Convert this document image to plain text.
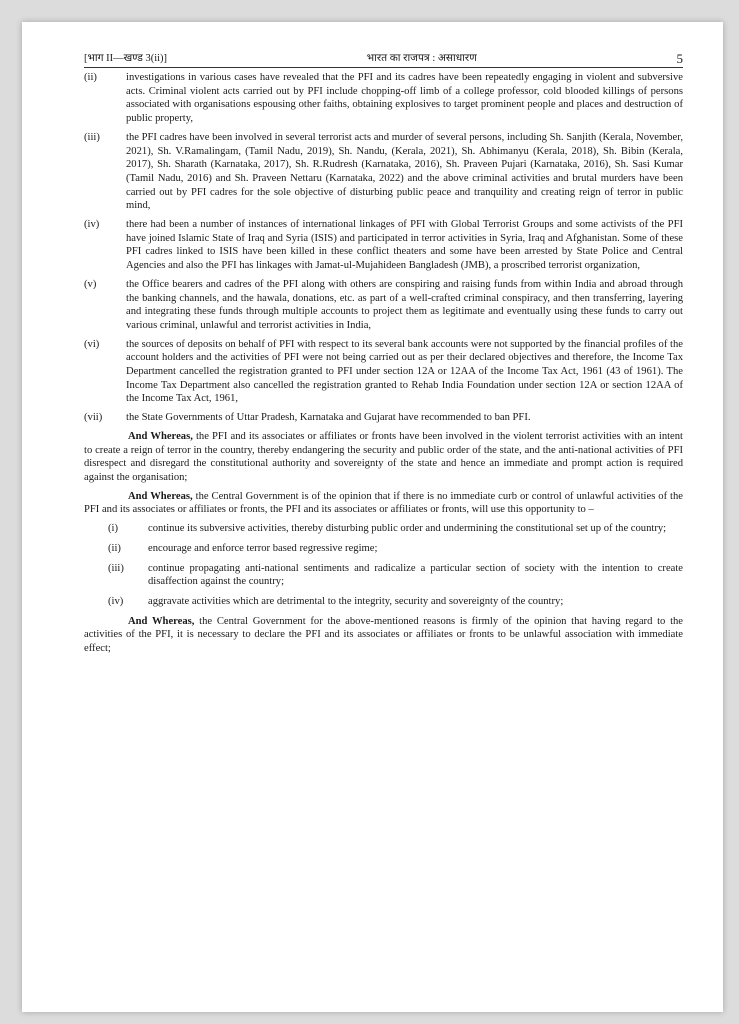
[भाग II—खण्ड 3(ii)]	भारत का राजपत्र : असाधारण	5
(ii)	investigations in various cases have revealed that the PFI and its cadres have been repeatedly engaging in violent and subversive acts. Criminal violent acts carried out by PFI include chopping-off limb of a college professor, cold blooded killings of persons associated with organisations espousing other faiths, obtaining explosives to target prominent people and places and destruction of public property,
(iii)	the PFI cadres have been involved in several terrorist acts and murder of several persons, including Sh. Sanjith (Kerala, November, 2021), Sh. V.Ramalingam, (Tamil Nadu, 2019), Sh. Nandu, (Kerala, 2021), Sh. Abhimanyu (Kerala, 2018), Sh. Bibin (Kerala, 2017), Sh. Sharath (Karnataka, 2017), Sh. R.Rudresh (Karnataka, 2016), Sh. Praveen Pujari (Karnataka, 2016), Sh. Sasi Kumar (Tamil Nadu, 2016) and Sh. Praveen Nettaru (Karnataka, 2022) and the above criminal activities and brutal murders have been carried out by PFI cadres for the sole objective of disturbing public peace and tranquility and creating reign of terror in public mind,
(iv)	there had been a number of instances of international linkages of PFI with Global Terrorist Groups and some activists of the PFI have joined Islamic State of Iraq and Syria (ISIS) and participated in terror activities in Syria, Iraq and Afghanistan. Some of these PFI cadres linked to ISIS have been killed in these conflict theaters and some have been arrested by State Police and Central Agencies and also the PFI has linkages with Jamat-ul-Mujahideen Bangladesh (JMB), a proscribed terrorist organization,
(v)	the Office bearers and cadres of the PFI along with others are conspiring and raising funds from within India and abroad through the banking channels, and the hawala, donations, etc. as part of a well-crafted criminal conspiracy, and then transferring, layering and integrating these funds through multiple accounts to project them as legitimate and eventually using these funds to carry out various criminal, unlawful and terrorist activities in India,
(vi)	the sources of deposits on behalf of PFI with respect to its several bank accounts were not supported by the financial profiles of the account holders and the activities of PFI were not being carried out as per their declared objectives and therefore, the Income Tax Department cancelled the registration granted to PFI under section 12A or 12AA of the Income Tax Act, 1961 (43 of 1961). The Income Tax Department also cancelled the registration granted to Rehab India Foundation under section 12A or section 12AA of the Income Tax Act, 1961,
(vii)	the State Governments of Uttar Pradesh, Karnataka and Gujarat have recommended to ban PFI.
And Whereas, the PFI and its associates or affiliates or fronts have been involved in the violent terrorist activities with an intent to create a reign of terror in the country, thereby endangering the security and public order of the state, and the anti-national activities of PFI disrespect and disregard the constitutional authority and sovereignty of the state and hence an immediate and prompt action is required against the organisation;
And Whereas, the Central Government is of the opinion that if there is no immediate curb or control of unlawful activities of the PFI and its associates or affiliates or fronts, the PFI and its associates or affiliates or fronts, will use this opportunity to –
(i)	continue its subversive activities, thereby disturbing public order and undermining the constitutional set up of the country;
(ii)	encourage and enforce terror based regressive regime;
(iii)	continue propagating anti-national sentiments and radicalize a particular section of society with the intention to create disaffection against the country;
(iv)	aggravate activities which are detrimental to the integrity, security and sovereignty of the country;
And Whereas, the Central Government for the above-mentioned reasons is firmly of the opinion that having regard to the activities of the PFI, it is necessary to declare the PFI and its associates or affiliates or fronts to be unlawful association with immediate effect;
